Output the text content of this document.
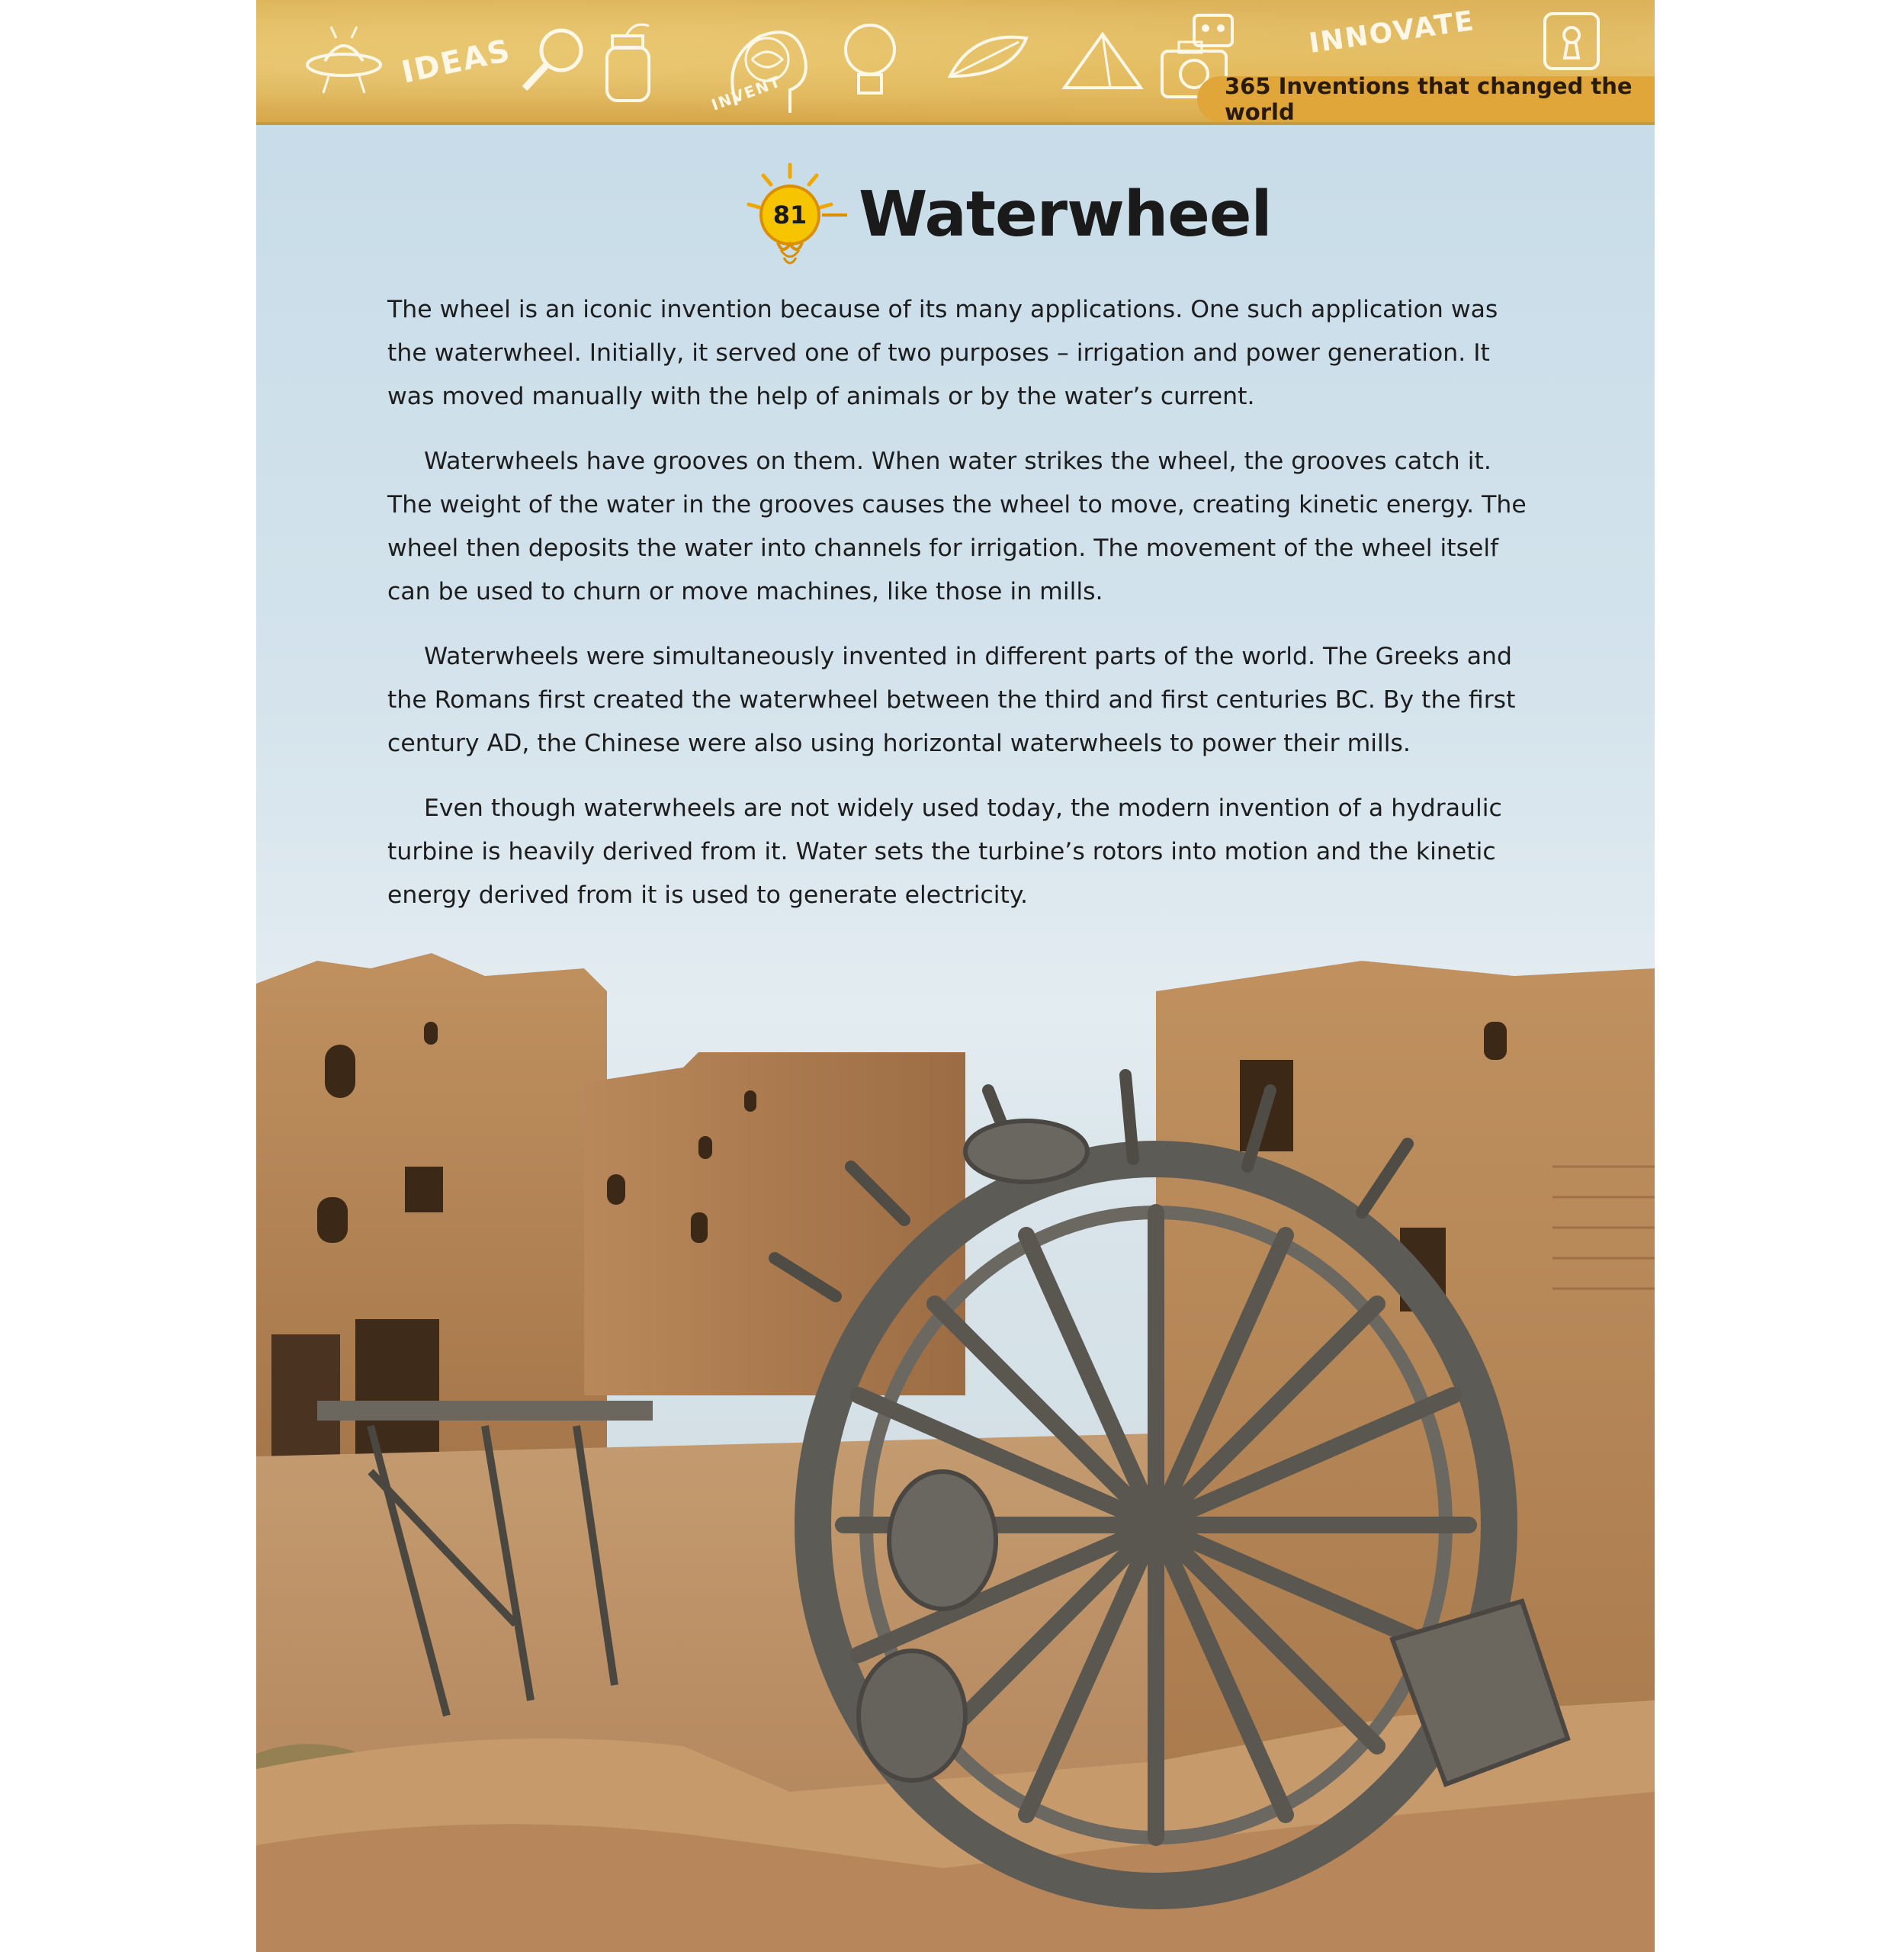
IDEAS
INVENT
INNOVATE
365 Inventions that changed the world
81 Waterwheel

The wheel is an iconic invention because of its many applications. One such application was the waterwheel. Initially, it served one of two purposes – irrigation and power generation. It was moved manually with the help of animals or by the water’s current.

Waterwheels have grooves on them. When water strikes the wheel, the grooves catch it. The weight of the water in the grooves causes the wheel to move, creating kinetic energy. The wheel then deposits the water into channels for irrigation. The movement of the wheel itself can be used to churn or move machines, like those in mills.

Waterwheels were simultaneously invented in different parts of the world. The Greeks and the Romans first created the waterwheel between the third and first centuries BC. By the first century AD, the Chinese were also using horizontal waterwheels to power their mills.

Even though waterwheels are not widely used today, the modern invention of a hydraulic turbine is heavily derived from it. Water sets the turbine’s rotors into motion and the kinetic energy derived from it is used to generate electricity.
